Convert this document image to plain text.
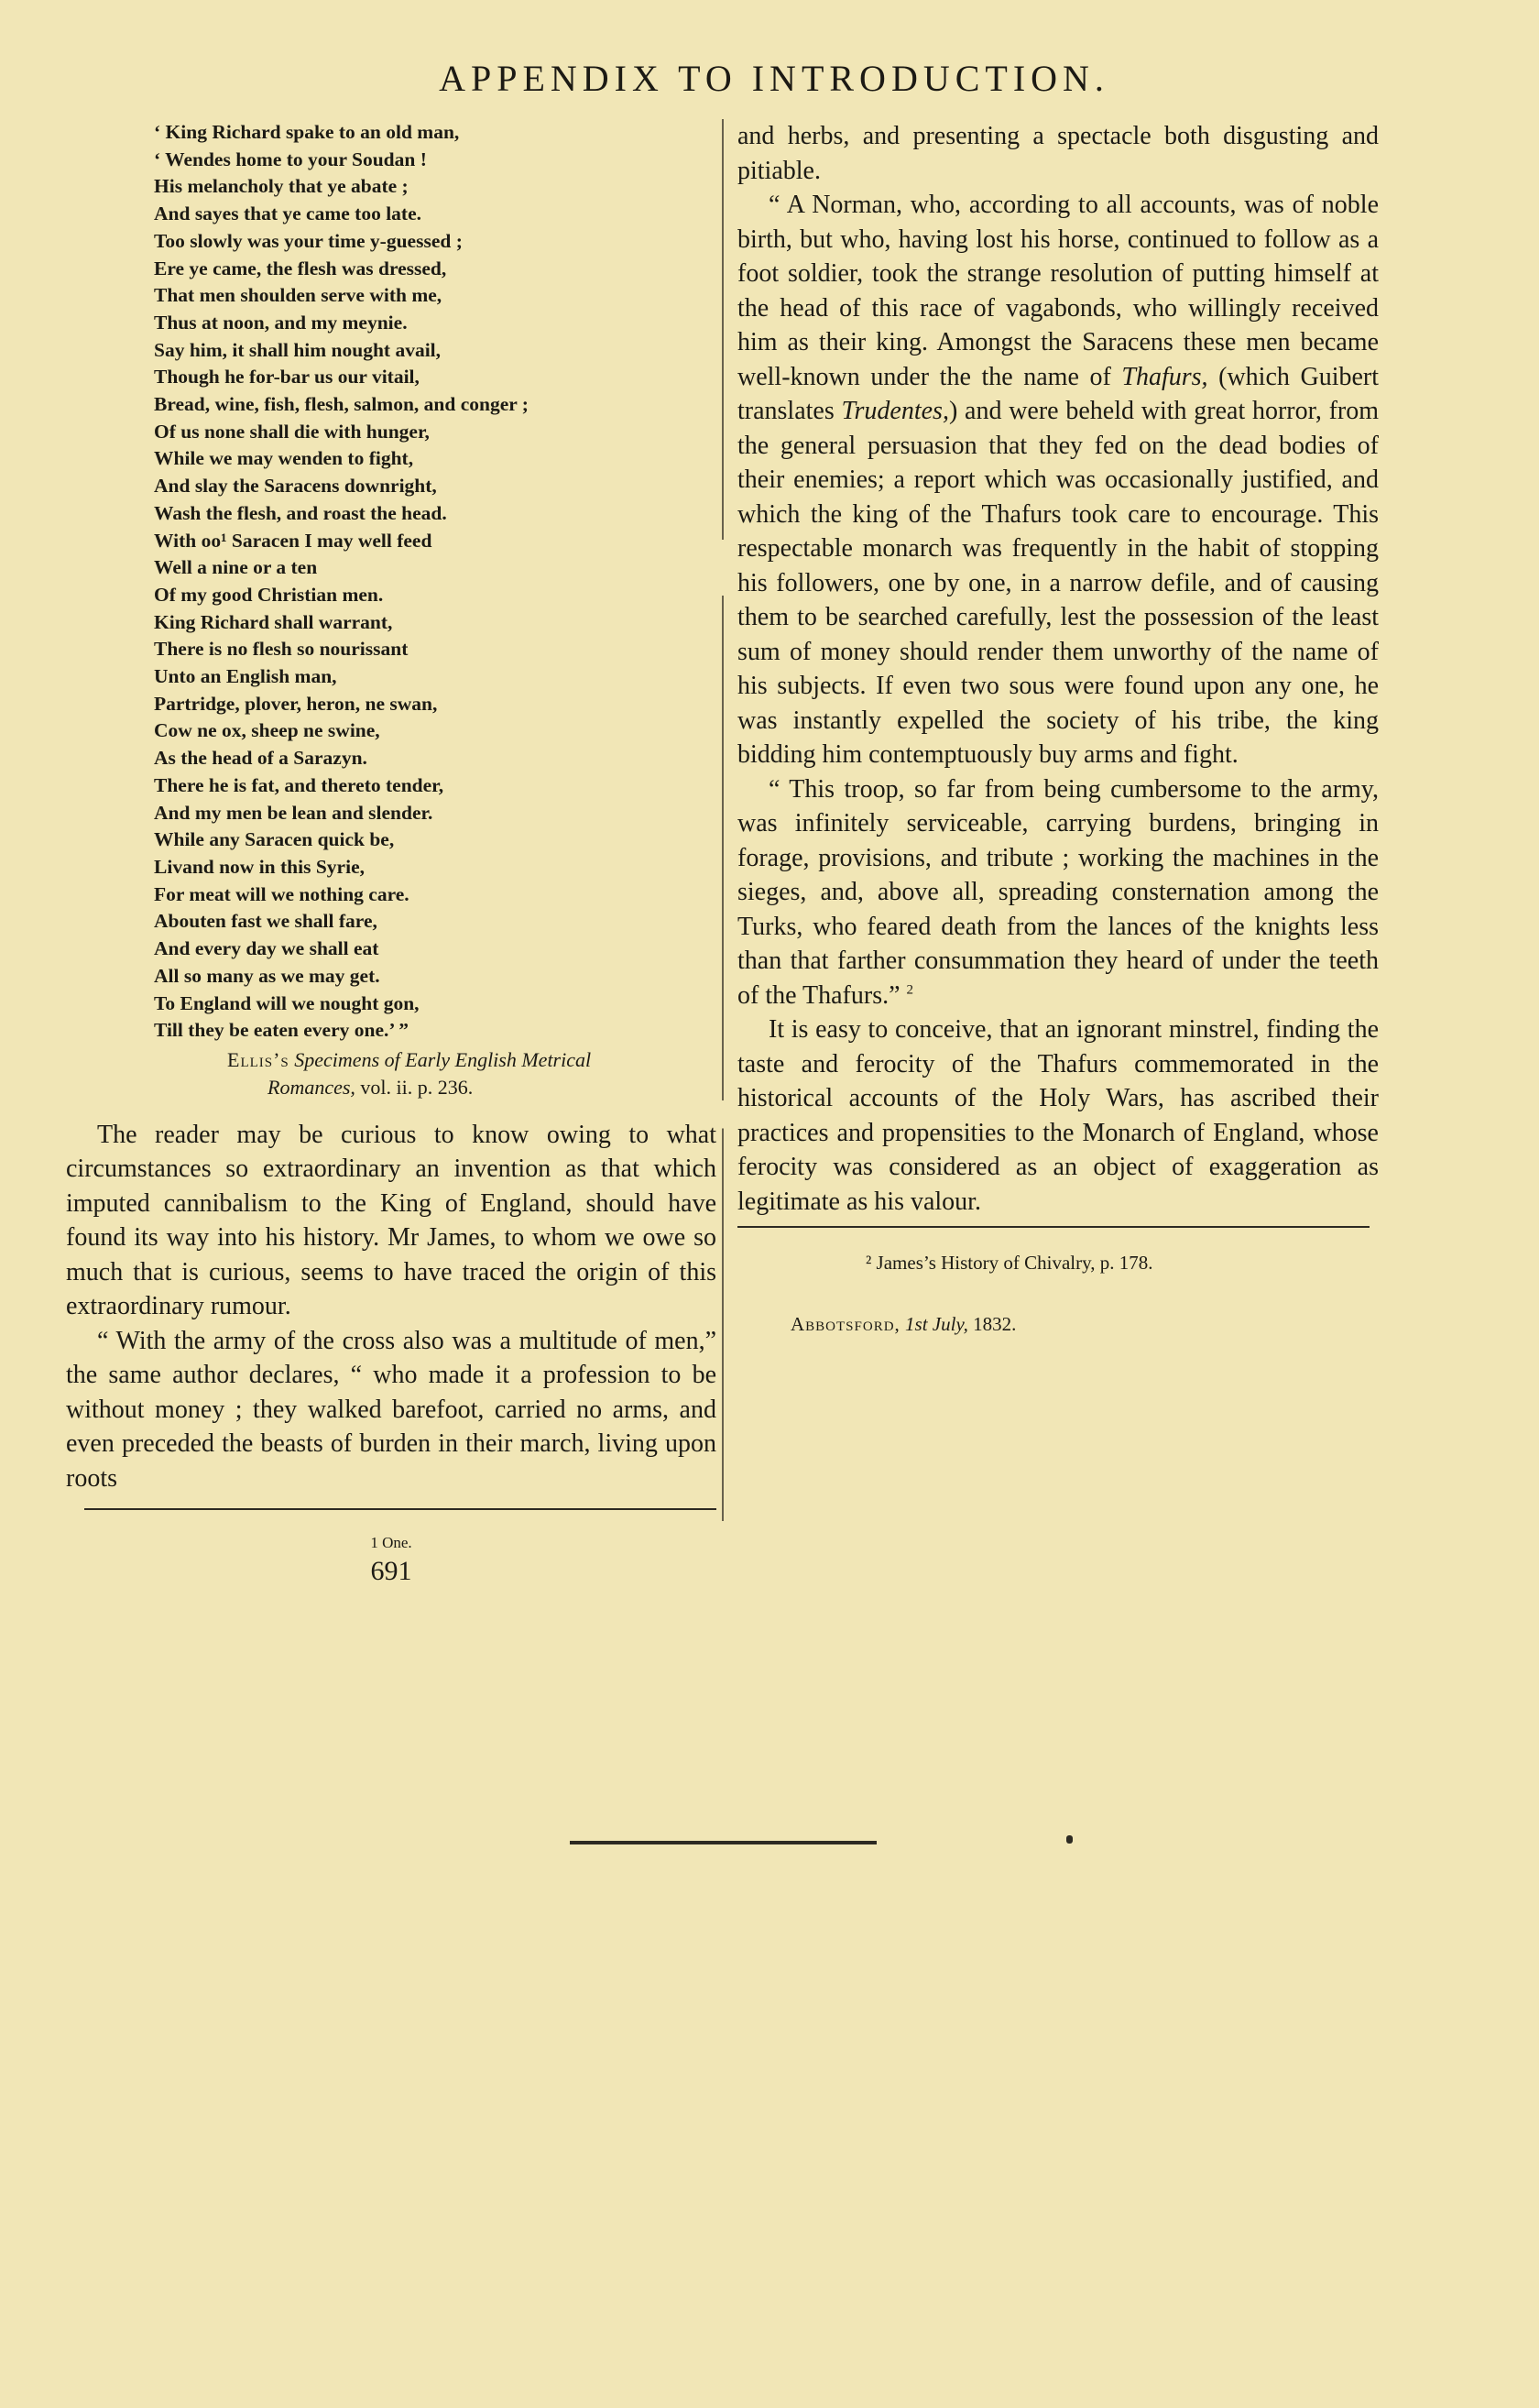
APPENDIX TO INTRODUCTION.
‘ King Richard spake to an old man,
‘ Wendes home to your Soudan !
His melancholy that ye abate ;
And sayes that ye came too late.
Too slowly was your time y-guessed ;
Ere ye came, the flesh was dressed,
That men shoulden serve with me,
Thus at noon, and my meynie.
Say him, it shall him nought avail,
Though he for-bar us our vitail,
Bread, wine, fish, flesh, salmon, and conger ;
Of us none shall die with hunger,
While we may wenden to fight,
And slay the Saracens downright,
Wash the flesh, and roast the head.
With oo¹ Saracen I may well feed
Well a nine or a ten
Of my good Christian men.
King Richard shall warrant,
There is no flesh so nourissant
Unto an English man,
Partridge, plover, heron, ne swan,
Cow ne ox, sheep ne swine,
As the head of a Sarazyn.
There he is fat, and thereto tender,
And my men be lean and slender.
While any Saracen quick be,
Livand now in this Syrie,
For meat will we nothing care.
Abouten fast we shall fare,
And every day we shall eat
All so many as we may get.
To England will we nought gon,
Till they be eaten every one.’ ”
Ellis’s Specimens of Early English Metrical
Romances, vol. ii. p. 236.

The reader may be curious to know owing to what circumstances so extraordinary an invention as that which imputed cannibalism to the King of England, should have found its way into his history. Mr James, to whom we owe so much that is curious, seems to have traced the origin of this extraordinary rumour.

“ With the army of the cross also was a multitude of men,” the same author declares, “ who made it a profession to be without money ; they walked barefoot, carried no arms, and even preceded the beasts of burden in their march, living upon roots

1 One.
691

and herbs, and presenting a spectacle both disgusting and pitiable.

“ A Norman, who, according to all accounts, was of noble birth, but who, having lost his horse, continued to follow as a foot soldier, took the strange resolution of putting himself at the head of this race of vagabonds, who willingly received him as their king. Amongst the Saracens these men became well-known under the the name of Thafurs, (which Guibert translates Trudentes,) and were beheld with great horror, from the general persuasion that they fed on the dead bodies of their enemies; a report which was occasionally justified, and which the king of the Thafurs took care to encourage. This respectable monarch was frequently in the habit of stopping his followers, one by one, in a narrow defile, and of causing them to be searched carefully, lest the possession of the least sum of money should render them unworthy of the name of his subjects. If even two sous were found upon any one, he was instantly expelled the society of his tribe, the king bidding him contemptuously buy arms and fight.

“ This troop, so far from being cumbersome to the army, was infinitely serviceable, carrying burdens, bringing in forage, provisions, and tribute ; working the machines in the sieges, and, above all, spreading consternation among the Turks, who feared death from the lances of the knights less than that farther consummation they heard of under the teeth of the Thafurs.” $^2$

It is easy to conceive, that an ignorant minstrel, finding the taste and ferocity of the Thafurs commemorated in the historical accounts of the Holy Wars, has ascribed their practices and propensities to the Monarch of England, whose ferocity was considered as an object of exaggeration as legitimate as his valour.

² James’s History of Chivalry, p. 178.
Abbotsford, 1st July, 1832.
